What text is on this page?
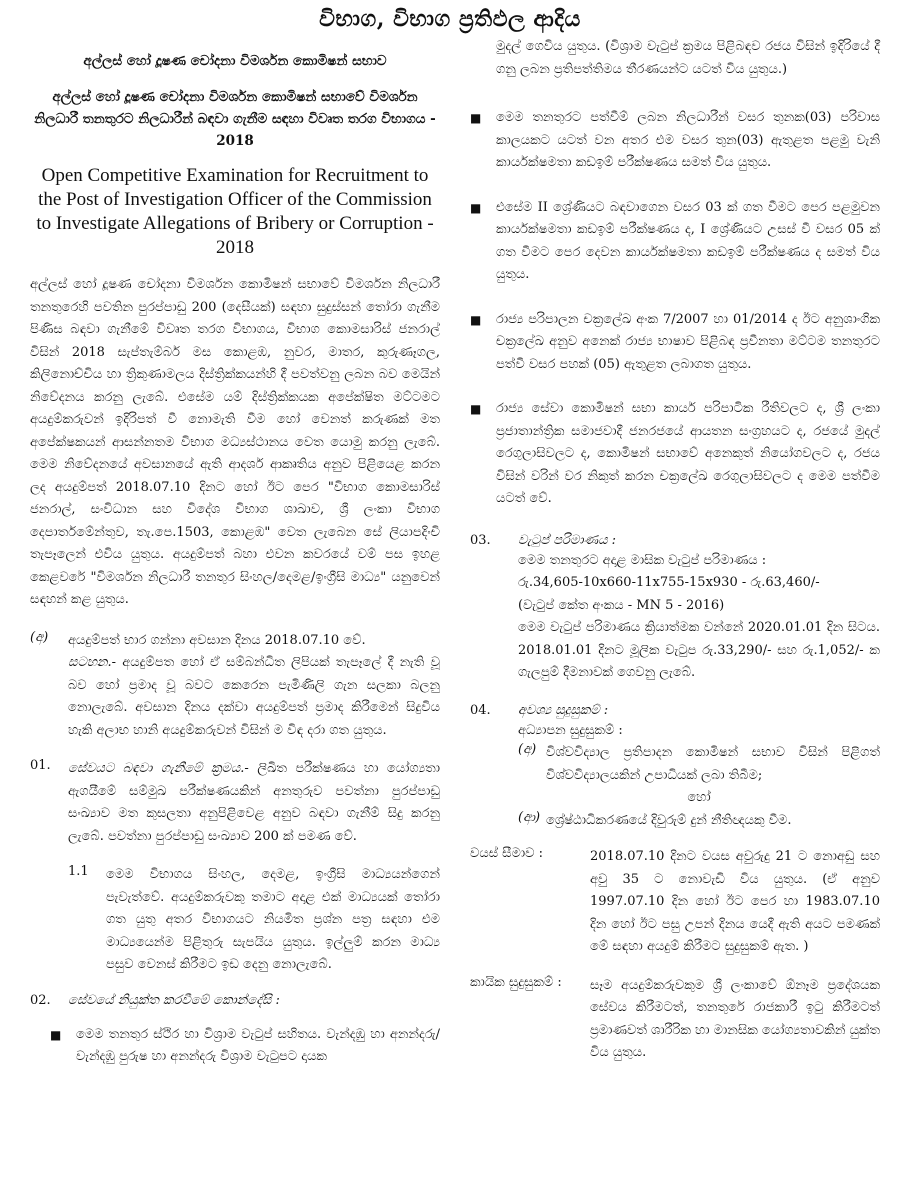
විභාග, විභාග ප්‍රතිඵල ආදිය
අල්ලස් හෝ දූෂණ චෝදනා විමර්ශන කොමිෂන් සභාව
අල්ලස් හෝ දූෂණ චෝදනා විමර්ශන කොමිෂන් සභාවේ විමර්ශන නිලධාරී තනතුරට නිලධාරීන් බඳවා ගැනීම සඳහා විවෘත තරග විභාගය - 2018
Open Competitive Examination for Recruitment to the Post of Investigation Officer of the Commission to Investigate Allegations of Bribery or Corruption - 2018

අල්ලස් හෝ දූෂණ චෝදනා විමර්ශන කොමිෂන් සභාවේ විමර්ශන නිලධාරී තනතුරෙහි පවතින පුරප්පාඩු 200 (දෙසීයක්) සඳහා සුදුස්සන් තෝරා ගැනීම පිණිස බඳවා ගැනීමේ විවෘත තරග විභාගය, විභාග කොමසාරිස් ජනරාල් විසින් 2018 සැප්තැම්බර් මස කොළඹ, නුවර, මාතර, කුරුණෑගල, කිලිනොච්චිය හා ත්‍රිකුණාමලය දිස්ත්‍රික්කයන්හි දී පවත්වනු ලබන බව මෙයින් නිවේදනය කරනු ලැබේ. එසේම යම් දිස්ත්‍රික්කයක අපේක්ෂිත මට්ටමට අයදුම්කරුවන් ඉදිරිපත් වී නොමැති වීම හෝ වෙනත් කරුණක් මත අපේක්ෂකයන් ආසන්නතම විභාග මධ්‍යස්ථානය වෙත යොමු කරනු ලැබේ. මෙම නිවේදනයේ අවසානයේ ඇති ආදර්ශ ආකෘතිය අනුව පිළියෙළ කරන ලද අයදුම්පත් 2018.07.10 දිනට හෝ ඊට පෙර "විභාග කොමසාරිස් ජනරාල්, සංවිධාන සහ විදේශ විභාග ශාඛාව, ශ්‍රී ලංකා විභාග දෙපාර්තමේන්තුව, තැ.පෙ.1503, කොළඹ" වෙත ලැබෙන සේ ලියාපදිංචි තැපෑලෙන් එවිය යුතුය. අයදුම්පත් බහා එවන කවරයේ වම් පස ඉහළ කෙළවරේ "විමර්ශන නිලධාරී තනතුර සිංහල/දෙමළ/ඉංග්‍රීසි මාධ්‍ය" යනුවෙන් සඳහන් කළ යුතුය.

(අ)	අයදුම්පත් භාර ගන්නා අවසාන දිනය 2018.07.10 වේ.

සටහන.- අයදුම්පත හෝ ඒ සම්බන්ධිත ලිපියක් තැපෑලේ දී නැති වූ බව හෝ ප්‍රමාද වූ බවට කෙරෙන පැමිණිලි ගැන සලකා බලනු නොලැබේ. අවසාන දිනය දක්වා අයදුම්පත් ප්‍රමාද කිරීමෙන් සිදුවිය හැකි අලාභ හානි අයදුම්කරුවන් විසින් ම විඳ දරා ගත යුතුය.

01.	සේවයට බඳවා ගැනීමේ ක්‍රමය.- ලිඛිත පරීක්ෂණය හා යෝග්‍යතා ඇගයීමේ සම්මුඛ පරීක්ෂණයකින් අනතුරුව පවත්නා පුරප්පාඩු සංඛ්‍යාව මත කුසලතා අනුපිළිවෙළ අනුව බඳවා ගැනීම් සිදු කරනු ලැබේ. පවත්නා පුරප්පාඩු සංඛ්‍යාව 200 ක් පමණ වේ.

1.1	මෙම විභාගය සිංහල, දෙමළ, ඉංග්‍රීසි මාධ්‍යයන්ගෙන් පැවැත්වේ. අයදුම්කරුවකු තමාට අදාළ එක් මාධ්‍යයක් තෝරා ගත යුතු අතර විභාගයට නියමිත ප්‍රශ්න පත්‍ර සඳහා එම මාධ්‍යයෙන්ම පිළිතුරු සැපයිය යුතුය. ඉල්ලුම් කරන මාධ්‍ය පසුව වෙනස් කිරීමට ඉඩ දෙනු නොලැබේ.

02.	සේවයේ නියුක්ත කරවීමේ කොන්දේසි :
■	මෙම තනතුර ස්ථිර හා විශ්‍රාම වැටුප් සහිතය. වැන්දඹු හා අනන්දරු/වැන්දඹු පුරුෂ හා අනන්දරු විශ්‍රාම වැටුපට දායක

මුදල් ගෙවිය යුතුය. (විශ්‍රාම වැටුප් ක්‍රමය පිළිබඳව රජය විසින් ඉදිරියේ දී ගනු ලබන ප්‍රතිපත්තිමය තීරණයන්ට යටත් විය යුතුය.)

■	මෙම තනතුරට පත්වීම් ලබන නිලධාරීන් වසර තුනක(03) පරිවාස කාලයකට යටත් වන අතර එම වසර තුන(03) ඇතුළත පළමු වැනි කාර්යක්ෂමතා කඩඉම් පරීක්ෂණය සමත් විය යුතුය.

■	එසේම II ශ්‍රේණියට බඳවාගෙන වසර 03 ක් ගත වීමට පෙර පළමුවන කාර්යක්ෂමතා කඩඉම් පරීක්ෂණය ද, I ශ්‍රේණියට උසස් වී වසර 05 ක් ගත වීමට පෙර දෙවන කාර්යක්ෂමතා කඩඉම් පරීක්ෂණය ද සමත් විය යුතුය.

■	රාජ්‍ය පරිපාලන චක්‍රලේඛ අංක 7/2007 හා 01/2014 ද ඊට අනුශාංගික චක්‍රලේඛ අනුව අනෙක් රාජ්‍ය භාෂාව පිළිබඳ ප්‍රවීනතා මට්ටම තනතුරට පත්වී වසර පහක් (05) ඇතුළත ලබාගත යුතුය.

■	රාජ්‍ය සේවා කොමිෂන් සභා කාර්ය පරිපාටික රීතිවලට ද, ශ්‍රී ලංකා ප්‍රජාතාන්ත්‍රික සමාජවාදී ජනරජයේ ආයතන සංග්‍රහයට ද, රජයේ මුදල් රෙගුලාසිවලට ද, කොමිෂන් සභාවේ අනෙකුත් නියෝගවලට ද, රජය විසින් වරින් වර නිකුත් කරන චක්‍රලේඛ රෙගුලාසිවලට ද මෙම පත්වීම යටත් වේ.

03.	වැටුප් පරිමාණය :

මෙම තනතුරට අදාළ මාසික වැටුප් පරිමාණය :

රු.34,605-10x660-11x755-15x930 - රු.63,460/-

(වැටුප් කේත අංකය - MN 5 - 2016)

මෙම වැටුප් පරිමාණය ක්‍රියාත්මක වන්නේ 2020.01.01 දින සිටය. 2018.01.01 දිනට මූලික වැටුප රු.33,290/- සහ රු.1,052/- ක ගැලපුම් දීමනාවක් ගෙවනු ලැබේ.

04.	අවශ්‍ය සුදුසුකම් :

අධ්‍යාපන සුදුසුකම් :

(අ) විශ්වවිද්‍යාල ප්‍රතිපාදන කොමිෂන් සභාව විසින් පිළිගත් විශ්වවිද්‍යාලයකින් උපාධියක් ලබා තිබීම;

හෝ

(ආ) ශ්‍රේෂ්ඨාධිකරණයේ දිවුරුම් දුන් නීතිඥයකු වීම.

වයස් සීමාව :	2018.07.10 දිනට වයස අවුරුදු 21 ට නොඅඩු සහ අවු 35 ට නොවැඩි විය යුතුය. (ඒ අනුව 1997.07.10 දින හෝ ඊට පෙර හා 1983.07.10 දින හෝ ඊට පසු උපන් දිනය යෙදී ඇති අයට පමණක් මේ සඳහා අයදුම් කිරීමට සුදුසුකම් ඇත. )

කායික සුදුසුකම් :	සෑම අයදුම්කරුවකුම ශ්‍රී ලංකාවේ ඕනෑම ප්‍රදේශයක සේවය කිරීමටත්, තනතුරේ රාජකාරී ඉටු කිරීමටත් ප්‍රමාණවත් ශාරීරික හා මානසික යෝග්‍යතාවකින් යුක්ත විය යුතුය.
